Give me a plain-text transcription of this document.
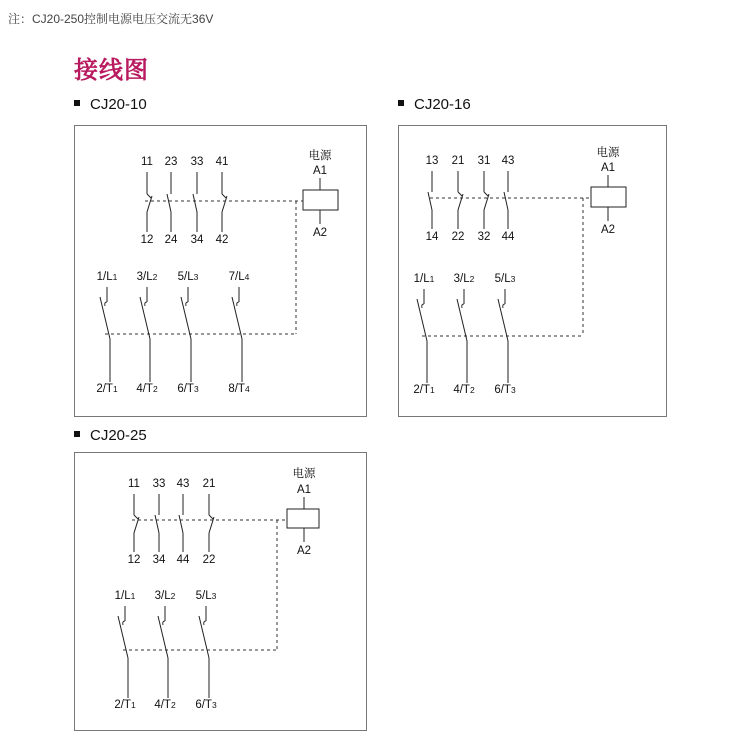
注：CJ20-250控制电源电压交流无36V
接线图
CJ20-10	CJ20-16
CJ20-25
11
12
23
24
33
34
41
42
电源
A1
A2
1/L1
2/T1
3/L2
4/T2
5/L3
6/T3
7/L4
8/T4
13
14
21
22
31
32
43
44
电源
A1
A2
1/L1
2/T1
3/L2
4/T2
5/L3
6/T3
11
12
33
34
43
44
21
22
电源
A1
A2
1/L1
2/T1
3/L2
4/T2
5/L3
6/T3
